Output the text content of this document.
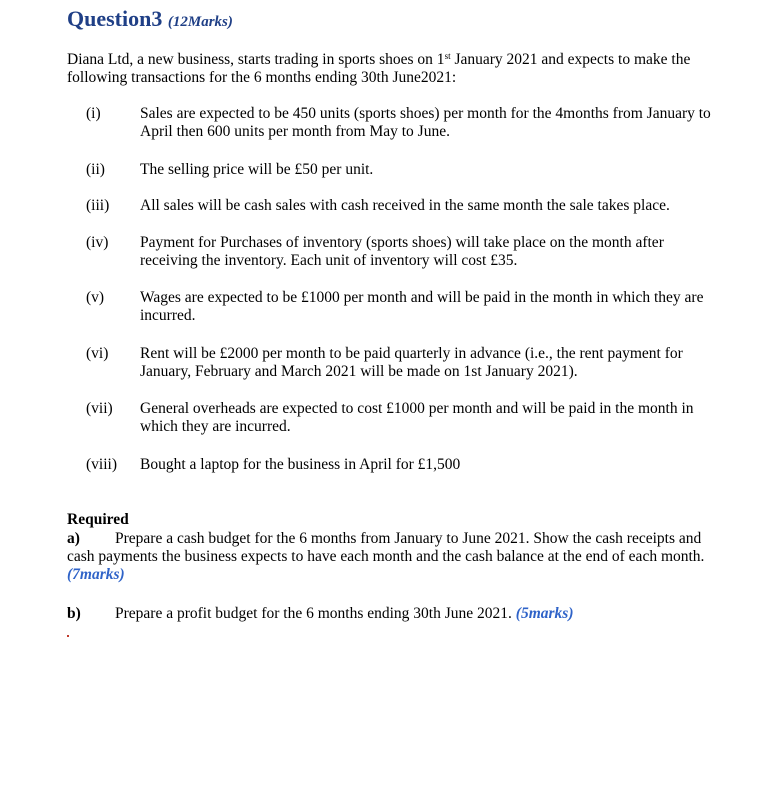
Question3 (12Marks)

Diana Ltd, a new business, starts trading in sports shoes on 1st January 2021 and expects to make the following transactions for the 6 months ending 30th June2021:

(i)	Sales are expected to be 450 units (sports shoes) per month for the 4months from January to April then 600 units per month from May to June.
(ii) The selling price will be £50 per unit.
(iii) All sales will be cash sales with cash received in the same month the sale takes place.
(iv) Payment for Purchases of inventory (sports shoes) will take place on the month after receiving the inventory. Each unit of inventory will cost £35.
(v) Wages are expected to be £1000 per month and will be paid in the month in which they are incurred.
(vi) Rent will be £2000 per month to be paid quarterly in advance (i.e., the rent payment for January, February and March 2021 will be made on 1st January 2021).
(vii) General overheads are expected to cost £1000 per month and will be paid in the month in which they are incurred.
(viii) Bought a laptop for the business in April for £1,500
Required

a) Prepare a cash budget for the 6 months from January to June 2021. Show the cash receipts and cash payments the business expects to have each month and the cash balance at the end of each month. (7marks)

b) Prepare a profit budget for the 6 months ending 30th June 2021. (5marks)
